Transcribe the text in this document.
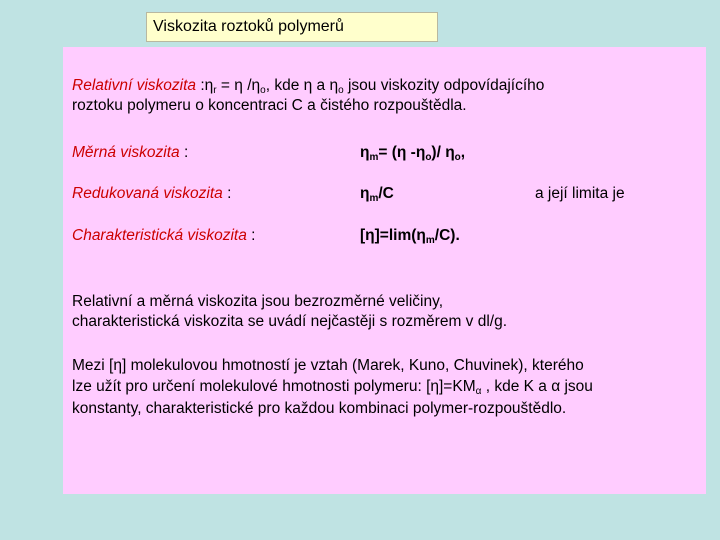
Viskozita roztoků polymerů
Relativní viskozita $:\eta_r = \eta$ $/\eta_o$, kde η a $\eta_o$ jsou viskozity odpovídajícího
roztoku polymeru o koncentraci C a čistého rozpouštědla.
Měrná viskozita :	$\eta_m= (\eta$ $-\eta_o)/$ $\eta_o$,
Redukovaná viskozita :	$\eta_m/C$	a její limita je
Charakteristická viskozita :	$[\eta]=\lim(\eta_m/C)$.
Relativní a měrná viskozita jsou bezrozměrné veličiny,
charakteristická viskozita se uvádí nejčastěji s rozměrem v dl/g.
Mezi [η] molekulovou hmotností je vztah (Marek, Kuno, Chuvinek), kterého
lze užít pro určení molekulové hmotnosti polymeru: $[\eta]=KM_\alpha$ , kde K a α jsou
konstanty, charakteristické pro každou kombinaci polymer-rozpouštědlo.
